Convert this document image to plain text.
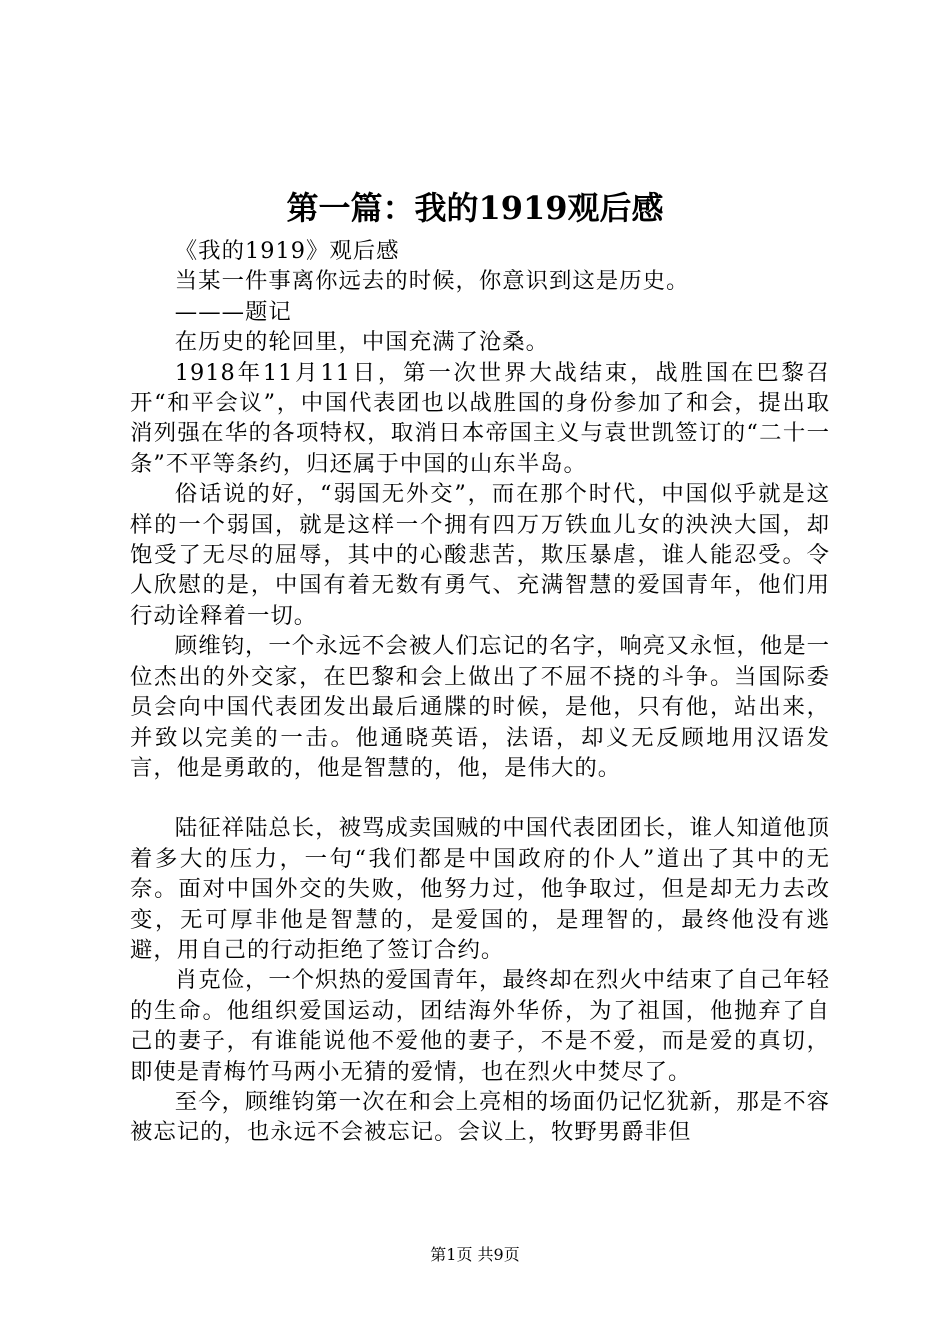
第一篇：我的1919观后感

《我的1919》观后感

当某一件事离你远去的时候，你意识到这是历史。

———题记

在历史的轮回里，中国充满了沧桑。

1918年11月11日，第一次世界大战结束，战胜国在巴黎召开“和平会议”，中国代表团也以战胜国的身份参加了和会，提出取消列强在华的各项特权，取消日本帝国主义与袁世凯签订的“二十一条”不平等条约，归还属于中国的山东半岛。

俗话说的好，“弱国无外交”，而在那个时代，中国似乎就是这样的一个弱国，就是这样一个拥有四万万铁血儿女的泱泱大国，却饱受了无尽的屈辱，其中的心酸悲苦，欺压暴虐，谁人能忍受。令人欣慰的是，中国有着无数有勇气、充满智慧的爱国青年，他们用行动诠释着一切。

顾维钧，一个永远不会被人们忘记的名字，响亮又永恒，他是一位杰出的外交家，在巴黎和会上做出了不屈不挠的斗争。当国际委员会向中国代表团发出最后通牒的时候，是他，只有他，站出来，并致以完美的一击。他通晓英语，法语，却义无反顾地用汉语发言，他是勇敢的，他是智慧的，他，是伟大的。

陆征祥陆总长，被骂成卖国贼的中国代表团团长，谁人知道他顶着多大的压力，一句“我们都是中国政府的仆人”道出了其中的无奈。面对中国外交的失败，他努力过，他争取过，但是却无力去改变，无可厚非他是智慧的，是爱国的，是理智的，最终他没有逃避，用自己的行动拒绝了签订合约。

肖克俭，一个炽热的爱国青年，最终却在烈火中结束了自己年轻的生命。他组织爱国运动，团结海外华侨，为了祖国，他抛弃了自己的妻子，有谁能说他不爱他的妻子，不是不爱，而是爱的真切，即使是青梅竹马两小无猜的爱情，也在烈火中焚尽了。

至今，顾维钧第一次在和会上亮相的场面仍记忆犹新，那是不容被忘记的，也永远不会被忘记。会议上，牧野男爵非但

第1页 共9页
